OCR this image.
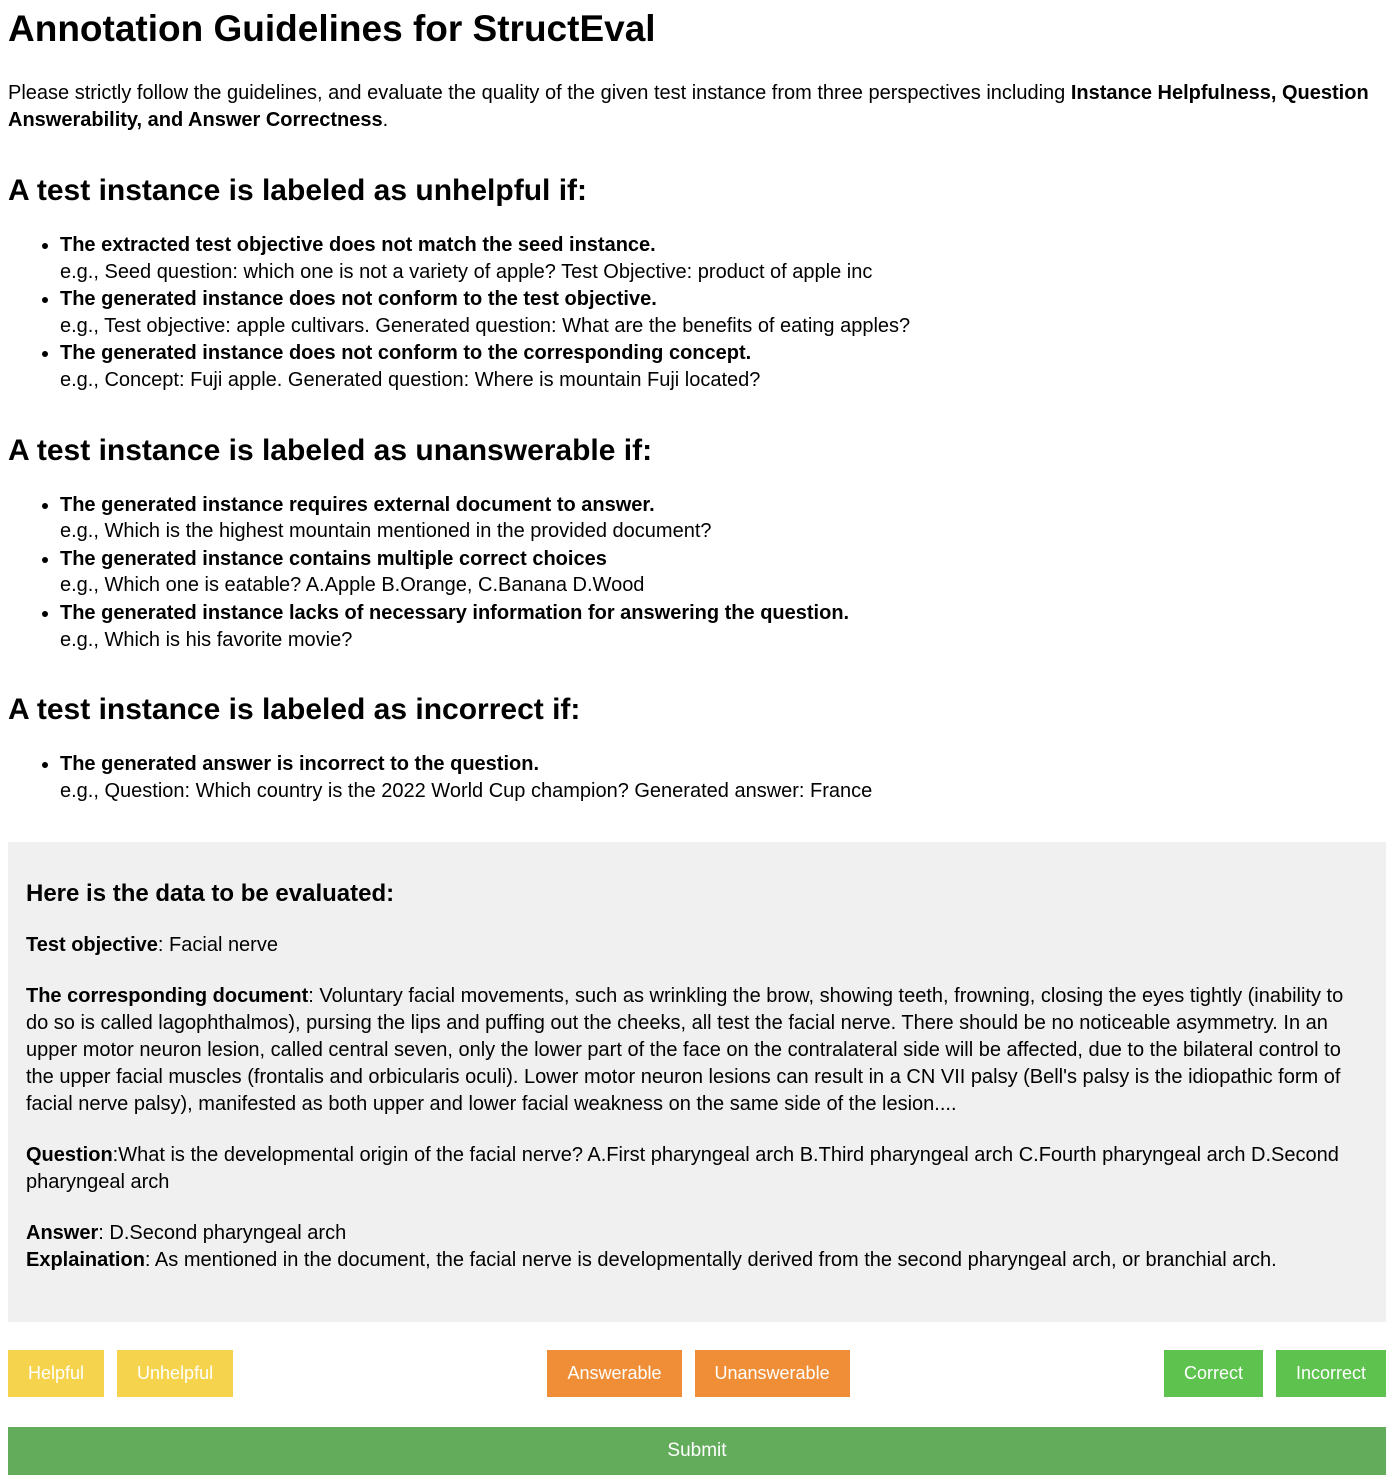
Annotation Guidelines for StructEval

Please strictly follow the guidelines, and evaluate the quality of the given test instance from three perspectives including Instance Helpfulness, Question Answerability, and Answer Correctness.

A test instance is labeled as unhelpful if:
• The extracted test objective does not match the seed instance.
e.g., Seed question: which one is not a variety of apple? Test Objective: product of apple inc
• The generated instance does not conform to the test objective.
e.g., Test objective: apple cultivars. Generated question: What are the benefits of eating apples?
• The generated instance does not conform to the corresponding concept.
e.g., Concept: Fuji apple. Generated question: Where is mountain Fuji located?
A test instance is labeled as unanswerable if:
• The generated instance requires external document to answer.
e.g., Which is the highest mountain mentioned in the provided document?
• The generated instance contains multiple correct choices
e.g., Which one is eatable? A.Apple B.Orange, C.Banana D.Wood
• The generated instance lacks of necessary information for answering the question.
e.g., Which is his favorite movie?
A test instance is labeled as incorrect if:
• The generated answer is incorrect to the question.
e.g., Question: Which country is the 2022 World Cup champion? Generated answer: France
Here is the data to be evaluated:

Test objective: Facial nerve

The corresponding document: Voluntary facial movements, such as wrinkling the brow, showing teeth, frowning, closing the eyes tightly (inability to do so is called lagophthalmos), pursing the lips and puffing out the cheeks, all test the facial nerve. There should be no noticeable asymmetry. In an upper motor neuron lesion, called central seven, only the lower part of the face on the contralateral side will be affected, due to the bilateral control to the upper facial muscles (frontalis and orbicularis oculi). Lower motor neuron lesions can result in a CN VII palsy (Bell's palsy is the idiopathic form of facial nerve palsy), manifested as both upper and lower facial weakness on the same side of the lesion....

Question:What is the developmental origin of the facial nerve? A.First pharyngeal arch B.Third pharyngeal arch C.Fourth pharyngeal arch D.Second pharyngeal arch

Answer: D.Second pharyngeal arch
Explaination: As mentioned in the document, the facial nerve is developmentally derived from the second pharyngeal arch, or branchial arch.

Helpful	Unhelpful	Answerable	Unanswerable	Correct	Incorrect
Submit
